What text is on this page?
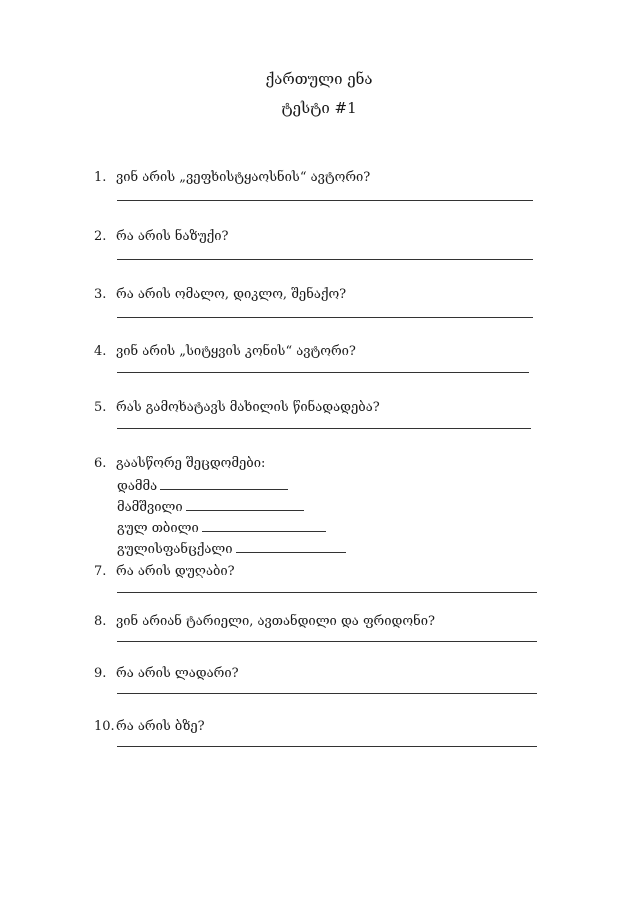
ქართული ენა
ტესტი #1
1. ვინ არის „ვეფხისტყაოსნის“ ავტორი?
2. რა არის ნაზუქი?
3. რა არის ომალო, დიკლო, შენაქო?
4. ვინ არის „სიტყვის კონის“ ავტორი?
5. რას გამოხატავს მახილის წინადადება?
6. გაასწორე შეცდომები:
დამმა
მამშვილი
გულ თბილი
გულისფანცქალი
7. რა არის დუღაბი?
8. ვინ არიან ტარიელი, ავთანდილი და ფრიდონი?
9. რა არის ლადარი?
10.რა არის ბზე?
